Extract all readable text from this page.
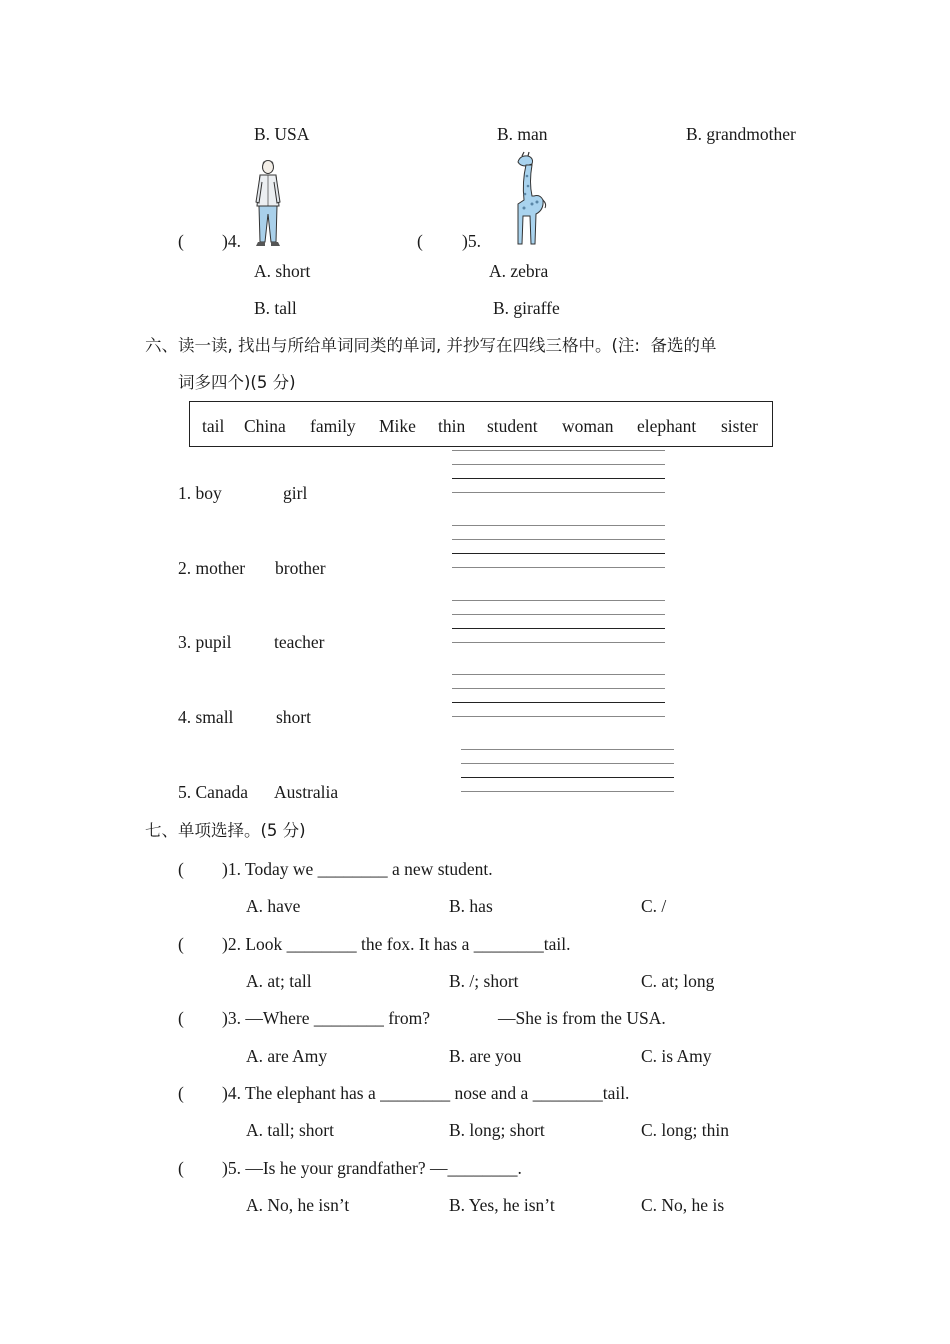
B. USA	B. man	B. grandmother
( )4.
A. short
B. tall
( )5.
A. zebra
B. giraffe
六、读一读, 找出与所给单词同类的单词, 并抄写在四线三格中。(注:  备选的单
词多四个)(5 分)
tail China family Mike thin student woman elephant sister
1. boy	girl
2. mother brother
3. pupil teacher
4. small short
5. Canada Australia
七、单项选择。(5 分)
( )1. Today we ________ a new student.
A. have	B. has	C. /
( )2. Look ________ the fox. It has a ________tail.
A. at; tall	B. /; short	C. at; long
( )3. —Where ________ from?	—She is from the USA.
A. are Amy	B. are you	C. is Amy
( )4. The elephant has a ________ nose and a ________tail.
A. tall; short	B. long; short	C. long; thin
( )5. —Is he your grandfather? —________.
A. No, he isn’t	B. Yes, he isn’t	C. No, he is
